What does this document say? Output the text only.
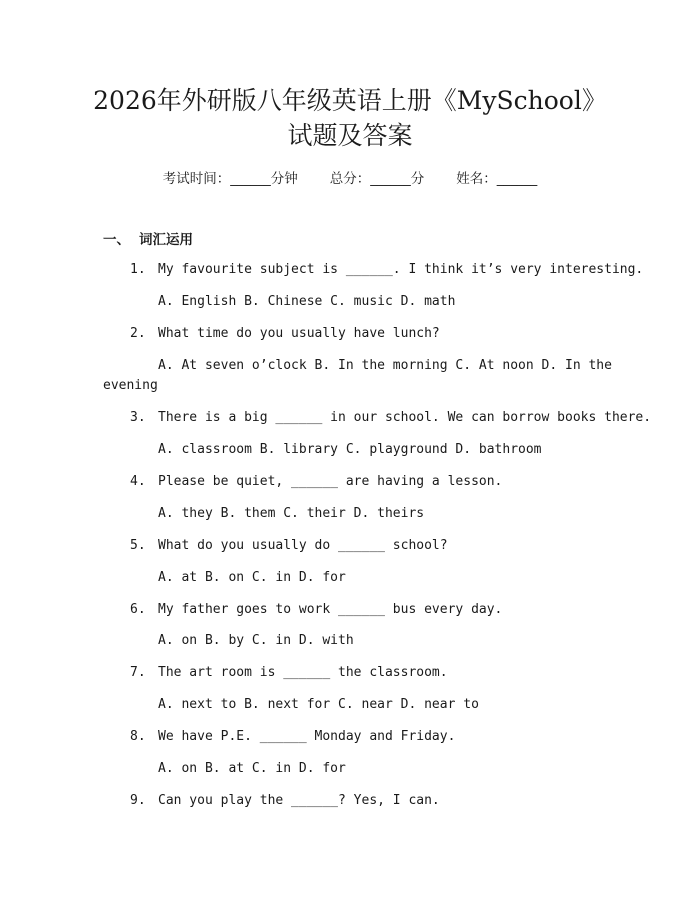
2026年外研版八年级英语上册《MySchool》
试题及答案
考试时间：______分钟 总分：______分 姓名：______
一、 词汇运用
1. My favourite subject is ______. I think it’s very interesting.
A. English B. Chinese C. music D. math
2. What time do you usually have lunch?
A. At seven o’clock B. In the morning C. At noon D. In the
evening
3. There is a big ______ in our school. We can borrow books there.
A. classroom B. library C. playground D. bathroom
4. Please be quiet, ______ are having a lesson.
A. they B. them C. their D. theirs
5. What do you usually do ______ school?
A. at B. on C. in D. for
6. My father goes to work ______ bus every day.
A. on B. by C. in D. with
7. The art room is ______ the classroom.
A. next to B. next for C. near D. near to
8. We have P.E. ______ Monday and Friday.
A. on B. at C. in D. for
9. Can you play the ______? Yes, I can.
